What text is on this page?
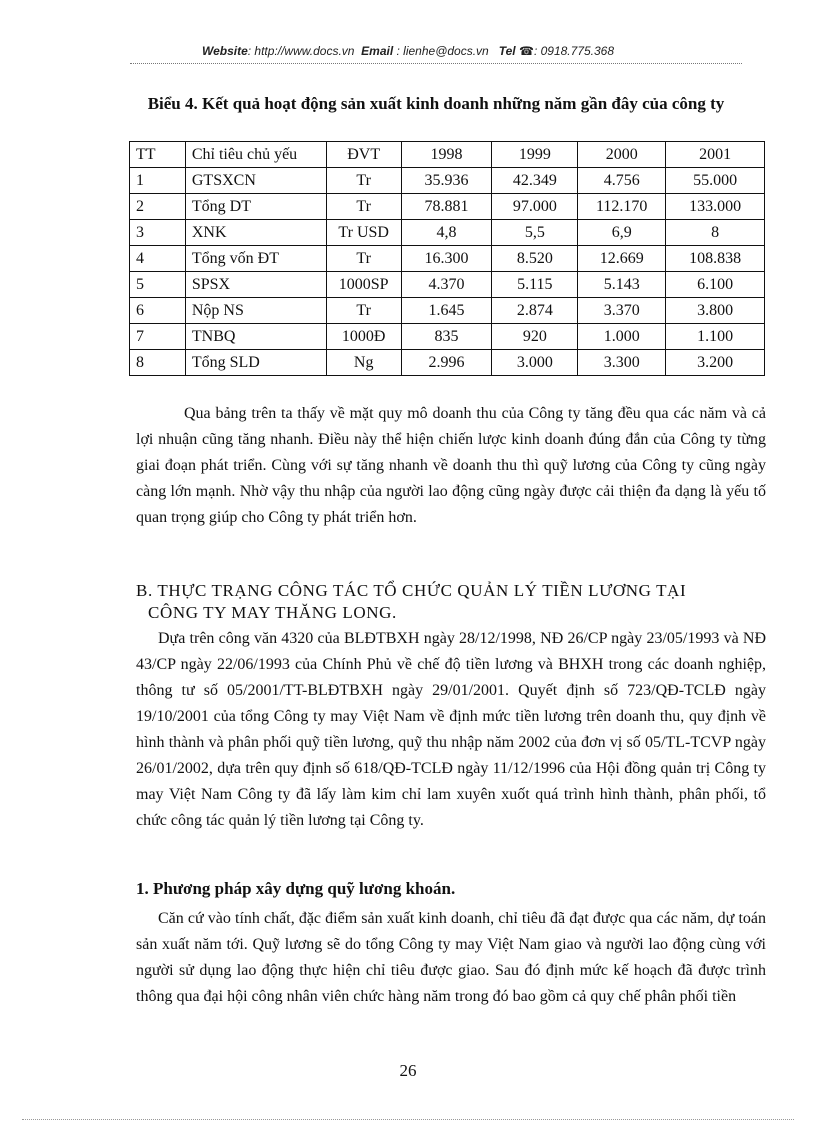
Website: http://www.docs.vn Email : lienhe@docs.vn Tel ☎: 0918.775.368
Biểu 4. Kết quả hoạt động sản xuất kinh doanh những năm gần đây của công ty
TT	Chỉ tiêu chủ yếu	ĐVT	1998	1999	2000	2001
1	GTSXCN	Tr	35.936	42.349	4.756	55.000
2	Tổng DT	Tr	78.881	97.000	112.170	133.000
3	XNK	Tr USD	4,8	5,5	6,9	8
4	Tổng vốn ĐT	Tr	16.300	8.520	12.669	108.838
5	SPSX	1000SP	4.370	5.115	5.143	6.100
6	Nộp NS	Tr	1.645	2.874	3.370	3.800
7	TNBQ	1000Đ	835	920	1.000	1.100
8	Tổng SLD	Ng	2.996	3.000	3.300	3.200

Qua bảng trên ta thấy về mặt quy mô doanh thu của Công ty tăng đều qua các năm và cả lợi nhuận cũng tăng nhanh. Điều này thể hiện chiến lược kinh doanh đúng đắn của Công ty từng giai đoạn phát triển. Cùng với sự tăng nhanh về doanh thu thì quỹ lương của Công ty cũng ngày càng lớn mạnh. Nhờ vậy thu nhập của người lao động cũng ngày được cải thiện đa dạng là yếu tố quan trọng giúp cho Công ty phát triển hơn.

B. THỰC TRẠNG CÔNG TÁC TỔ CHỨC QUẢN LÝ TIỀN LƯƠNG TẠI
CÔNG TY MAY THĂNG LONG.

Dựa trên công văn 4320 của BLĐTBXH ngày 28/12/1998, NĐ 26/CP ngày 23/05/1993 và NĐ 43/CP ngày 22/06/1993 của Chính Phủ về chế độ tiền lương và BHXH trong các doanh nghiệp, thông tư số 05/2001/TT-BLĐTBXH ngày 29/01/2001. Quyết định số 723/QĐ-TCLĐ ngày 19/10/2001 của tổng Công ty may Việt Nam về định mức tiền lương trên doanh thu, quy định về hình thành và phân phối quỹ tiền lương, quỹ thu nhập năm 2002 của đơn vị số 05/TL-TCVP ngày 26/01/2002, dựa trên quy định số 618/QĐ-TCLĐ ngày 11/12/1996 của Hội đồng quản trị Công ty may Việt Nam Công ty đã lấy làm kim chỉ lam xuyên xuốt quá trình hình thành, phân phối, tổ chức công tác quản lý tiền lương tại Công ty.

1. Phương pháp xây dựng quỹ lương khoán.

Căn cứ vào tính chất, đặc điểm sản xuất kinh doanh, chỉ tiêu đã đạt được qua các năm, dự toán sản xuất năm tới. Quỹ lương sẽ do tổng Công ty may Việt Nam giao và người lao động cùng với người sử dụng lao động thực hiện chỉ tiêu được giao. Sau đó định mức kế hoạch đã được trình thông qua đại hội công nhân viên chức hàng năm trong đó bao gồm cả quy chế phân phối tiền

26
